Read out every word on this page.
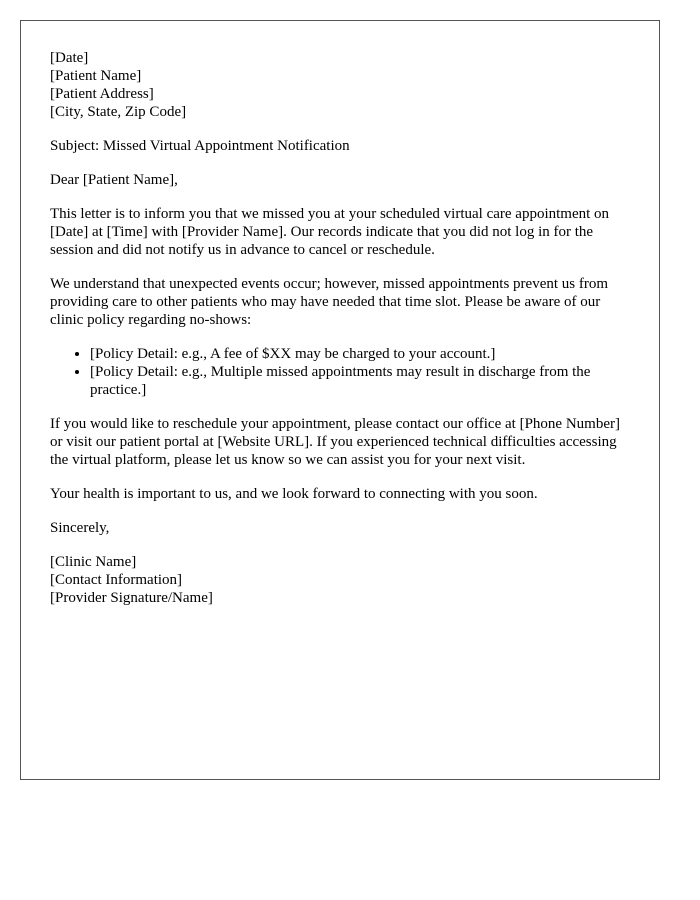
[Date]
[Patient Name]
[Patient Address]
[City, State, Zip Code]

Subject: Missed Virtual Appointment Notification

Dear [Patient Name],

This letter is to inform you that we missed you at your scheduled virtual care appointment on [Date] at [Time] with [Provider Name]. Our records indicate that you did not log in for the session and did not notify us in advance to cancel or reschedule.

We understand that unexpected events occur; however, missed appointments prevent us from providing care to other patients who may have needed that time slot. Please be aware of our clinic policy regarding no-shows:

• [Policy Detail: e.g., A fee of $XX may be charged to your account.]
• [Policy Detail: e.g., Multiple missed appointments may result in discharge from the practice.]

If you would like to reschedule your appointment, please contact our office at [Phone Number] or visit our patient portal at [Website URL]. If you experienced technical difficulties accessing the virtual platform, please let us know so we can assist you for your next visit.

Your health is important to us, and we look forward to connecting with you soon.

Sincerely,

[Clinic Name]
[Contact Information]
[Provider Signature/Name]
